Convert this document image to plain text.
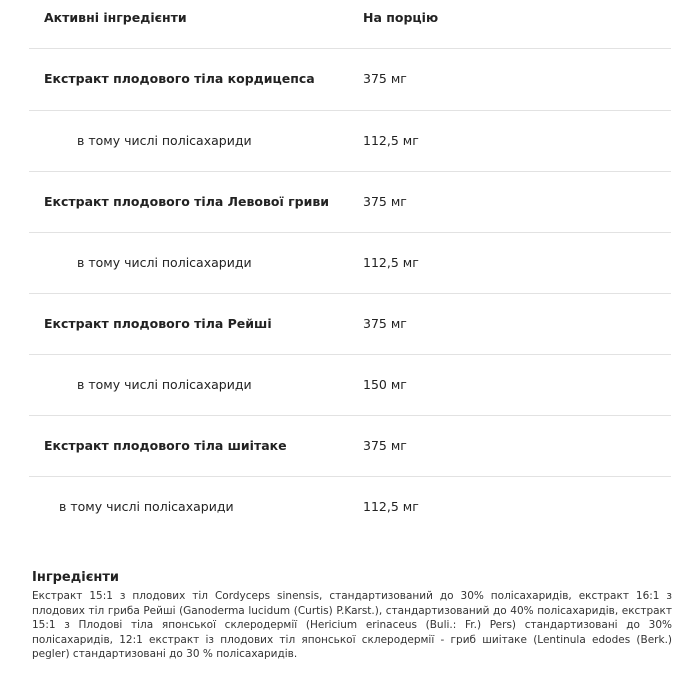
Активні інгредієнти	На порцію
Екстракт плодового тіла кордицепса	375 мг
в тому числі полісахариди	112,5 мг
Екстракт плодового тіла Левової гриви	375 мг
в тому числі полісахариди	112,5 мг
Екстракт плодового тіла Рейші	375 мг
в тому числі полісахариди	150 мг
Екстракт плодового тіла шиітаке	375 мг
в тому числі полісахариди	112,5 мг
Інгредієнти

Екстракт 15:1 з плодових тіл Cordyceps sinensis, стандартизований до 30% полісахаридів, екстракт 16:1 з плодових тіл гриба Рейші (Ganoderma lucidum (Curtis) P.Karst.), стандартизований до 40% полісахаридів, екстракт 15:1 з Плодові тіла японської склеродермії (Hericium erinaceus (Buli.: Fr.) Pers) стандартизовані до 30% полісахаридів, 12:1 екстракт із плодових тіл японської склеродермії - гриб шиітаке (Lentinula edodes (Berk.) pegler) стандартизовані до 30 % полісахаридів.
